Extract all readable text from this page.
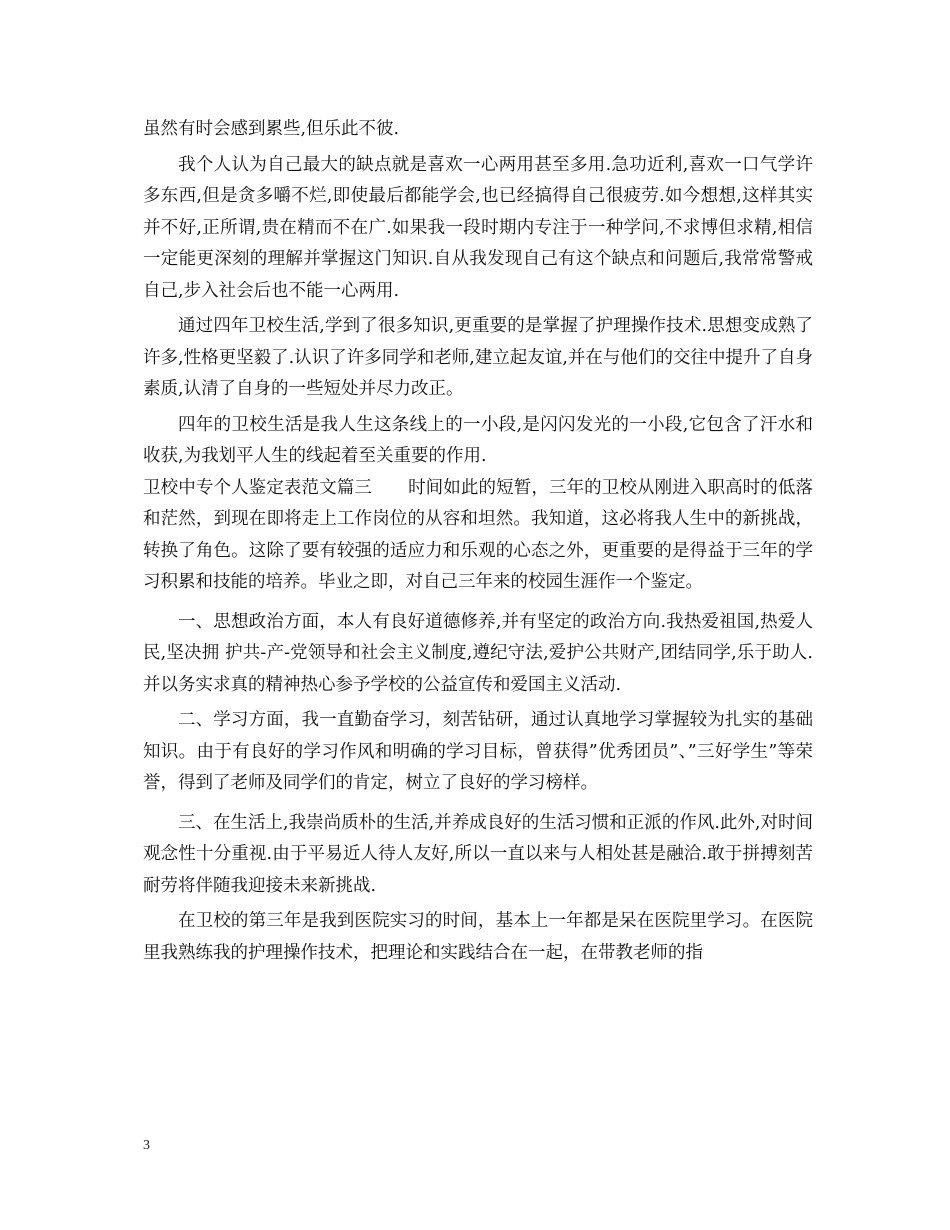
虽然有时会感到累些,但乐此不彼.

我个人认为自己最大的缺点就是喜欢一心两用甚至多用.急功近利,喜欢一口气学许多东西,但是贪多嚼不烂,即使最后都能学会,也已经搞得自己很疲劳.如今想想,这样其实并不好,正所谓,贵在精而不在广.如果我一段时期内专注于一种学问,不求博但求精,相信一定能更深刻的理解并掌握这门知识.自从我发现自己有这个缺点和问题后,我常常警戒自己,步入社会后也不能一心两用.

通过四年卫校生活,学到了很多知识,更重要的是掌握了护理操作技术.思想变成熟了许多,性格更坚毅了.认识了许多同学和老师,建立起友谊,并在与他们的交往中提升了自身素质,认清了自身的一些短处并尽力改正。

四年的卫校生活是我人生这条线上的一小段,是闪闪发光的一小段,它包含了汗水和收获,为我划平人生的线起着至关重要的作用.

卫校中专个人鉴定表范文篇三 时间如此的短暂，三年的卫校从刚进入职高时的低落和茫然，到现在即将走上工作岗位的从容和坦然。我知道，这必将我人生中的新挑战，转换了角色。这除了要有较强的适应力和乐观的心态之外，更重要的是得益于三年的学习积累和技能的培养。毕业之即，对自己三年来的校园生涯作一个鉴定。

一、思想政治方面，本人有良好道德修养,并有坚定的政治方向.我热爱祖国,热爱人民,坚决拥 护共-产-党领导和社会主义制度,遵纪守法,爱护公共财产,团结同学,乐于助人.并以务实求真的精神热心参予学校的公益宣传和爱国主义活动.

二、学习方面，我一直勤奋学习，刻苦钻研，通过认真地学习掌握较为扎实的基础知识。由于有良好的学习作风和明确的学习目标，曾获得”优秀团员”、”三好学生”等荣誉，得到了老师及同学们的肯定，树立了良好的学习榜样。

三、在生活上,我崇尚质朴的生活,并养成良好的生活习惯和正派的作风.此外,对时间观念性十分重视.由于平易近人待人友好,所以一直以来与人相处甚是融洽.敢于拼搏刻苦耐劳将伴随我迎接未来新挑战.

在卫校的第三年是我到医院实习的时间，基本上一年都是呆在医院里学习。在医院里我熟练我的护理操作技术，把理论和实践结合在一起，在带教老师的指

3
